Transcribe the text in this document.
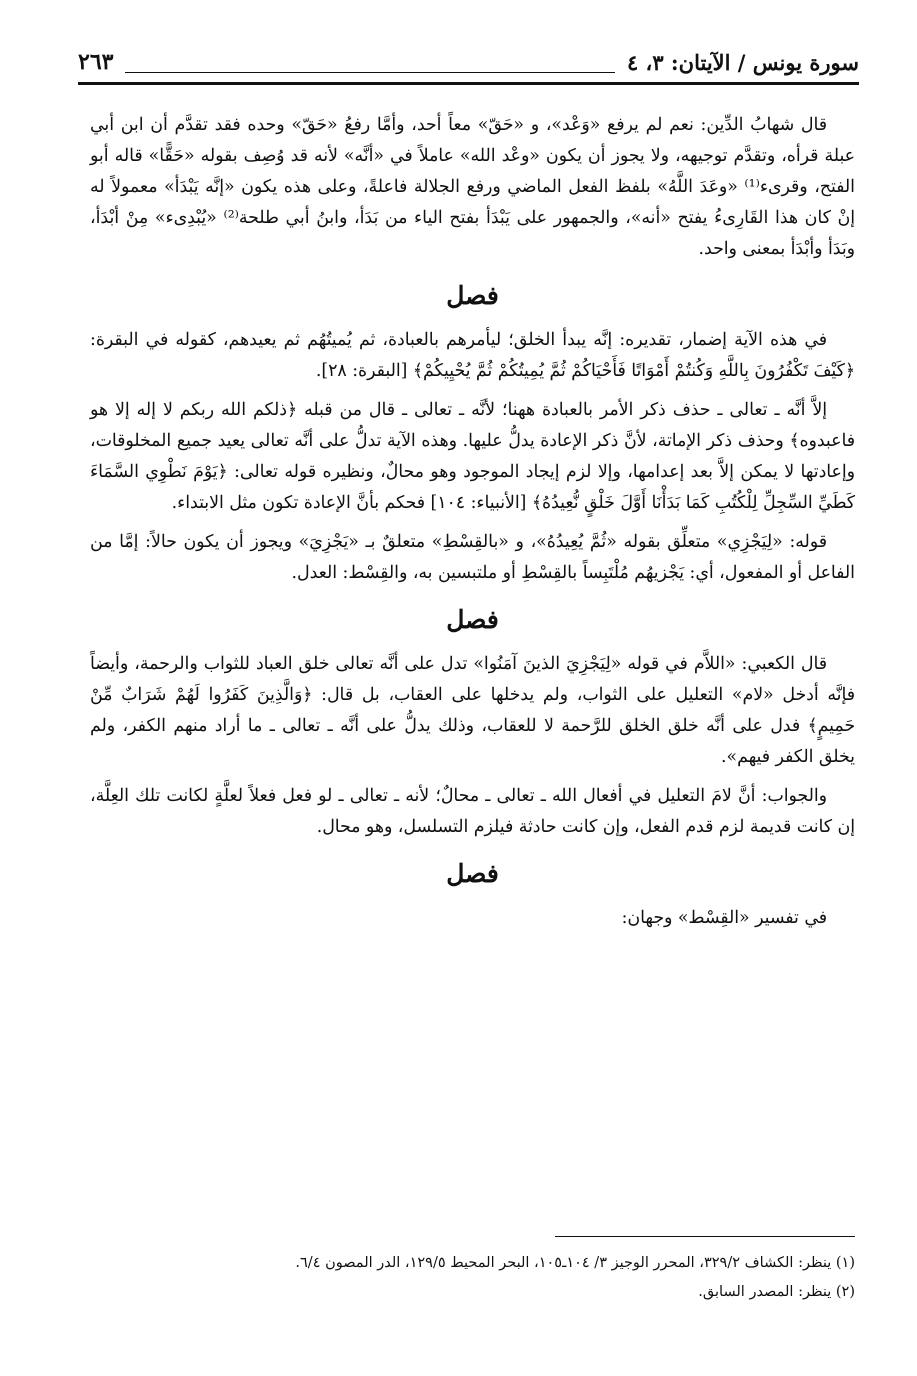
سورة يونس / الآيتان: ٣، ٤
٢٦٣

قال شهابُ الدِّين: نعم لم يرفع «وَعْد»، و «حَقّ» معاً أحد، وأمَّا رفعُ «حَقّ» وحده فقد تقدَّم أن ابن أبي عبلة قرأه، وتقدَّم توجيهه، ولا يجوز أن يكون «وعْد الله» عاملاً في «أنَّه» لأنه قد وُصِف بقوله «حَقًّا» قاله أبو الفتح، وقرىء⁽¹⁾ «وعَدَ اللَّهُ» بلفظ الفعل الماضي ورفع الجلالة فاعلةً، وعلى هذه يكون «إنَّه يَبْدَأ» معمولاً له إنْ كان هذا القَارِىءُ يفتح «أنه»، والجمهور على يَبْدَأ بفتح الياء من بَدَأ، وابنُ أبي طلحة⁽²⁾ «يُبْدِىء» مِنْ أبْدَأ، وبَدَأ وأبْدَأ بمعنى واحد.

فصل

في هذه الآية إضمار، تقديره: إنَّه يبدأ الخلق؛ ليأمرهم بالعبادة، ثم يُميتُهُم ثم يعيدهم، كقوله في البقرة: ﴿كَيْفَ تَكْفُرُونَ بِاللَّهِ وَكُنتُمْ أَمْوَاتًا فَأَحْيَاكُمْ ثُمَّ يُمِيتُكُمْ ثُمَّ يُحْيِيكُمْ﴾ [البقرة: ٢٨].

إلاَّ أنَّه ـ تعالى ـ حذف ذكر الأمر بالعبادة ههنا؛ لأنَّه ـ تعالى ـ قال من قبله ﴿ذلكم الله ربكم لا إله إلا هو فاعبدوه﴾ وحذف ذكر الإماتة، لأنَّ ذكر الإعادة يدلُّ عليها. وهذه الآية تدلُّ على أنَّه تعالى يعيد جميع المخلوقات، وإعادتها لا يمكن إلاَّ بعد إعدامها، وإلا لزم إيجاد الموجود وهو محالٌ، ونظيره قوله تعالى: ﴿يَوْمَ نَطْوِي السَّمَاءَ كَطَيِّ السِّجِلِّ لِلْكُتُبِ كَمَا بَدَأْنَا أَوَّلَ خَلْقٍ نُّعِيدُهُ﴾ [الأنبياء: ١٠٤] فحكم بأنَّ الإعادة تكون مثل الابتداء.

قوله: «لِيَجْزِي» متعلِّق بقوله «ثُمَّ يُعِيدُهُ»، و «بالقِسْطِ» متعلقٌ بـ «يَجْزِيَ» ويجوز أن يكون حالاً: إمَّا من الفاعل أو المفعول، أي: يَجْزيهُم مُلْتَبِساً بالقِسْطِ أو ملتبسين به، والقِسْط: العدل.

فصل

قال الكعبي: «اللاَّم في قوله «لِيَجْزِيَ الذينَ آمَنُوا» تدل على أنَّه تعالى خلق العباد للثواب والرحمة، وأيضاً فإنَّه أدخل «لام» التعليل على الثواب، ولم يدخلها على العقاب، بل قال: ﴿وَالَّذِينَ كَفَرُوا لَهُمْ شَرَابٌ مِّنْ حَمِيمٍ﴾ فدل على أنَّه خلق الخلق للرَّحمة لا للعقاب، وذلك يدلُّ على أنَّه ـ تعالى ـ ما أراد منهم الكفر، ولم يخلق الكفر فيهم».

والجواب: أنَّ لامَ التعليل في أفعال الله ـ تعالى ـ محالٌ؛ لأنه ـ تعالى ـ لو فعل فعلاً لعلَّةٍ لكانت تلك العِلَّة، إن كانت قديمة لزم قدم الفعل، وإن كانت حادثة فيلزم التسلسل، وهو محال.

فصل

في تفسير «القِسْط» وجهان:

(١) ينظر: الكشاف ٣٢٩/٢، المحرر الوجيز ٣/ ١٠٤ـ١٠٥، البحر المحيط ١٢٩/٥، الدر المصون ٦/٤.
(٢) ينظر: المصدر السابق.
